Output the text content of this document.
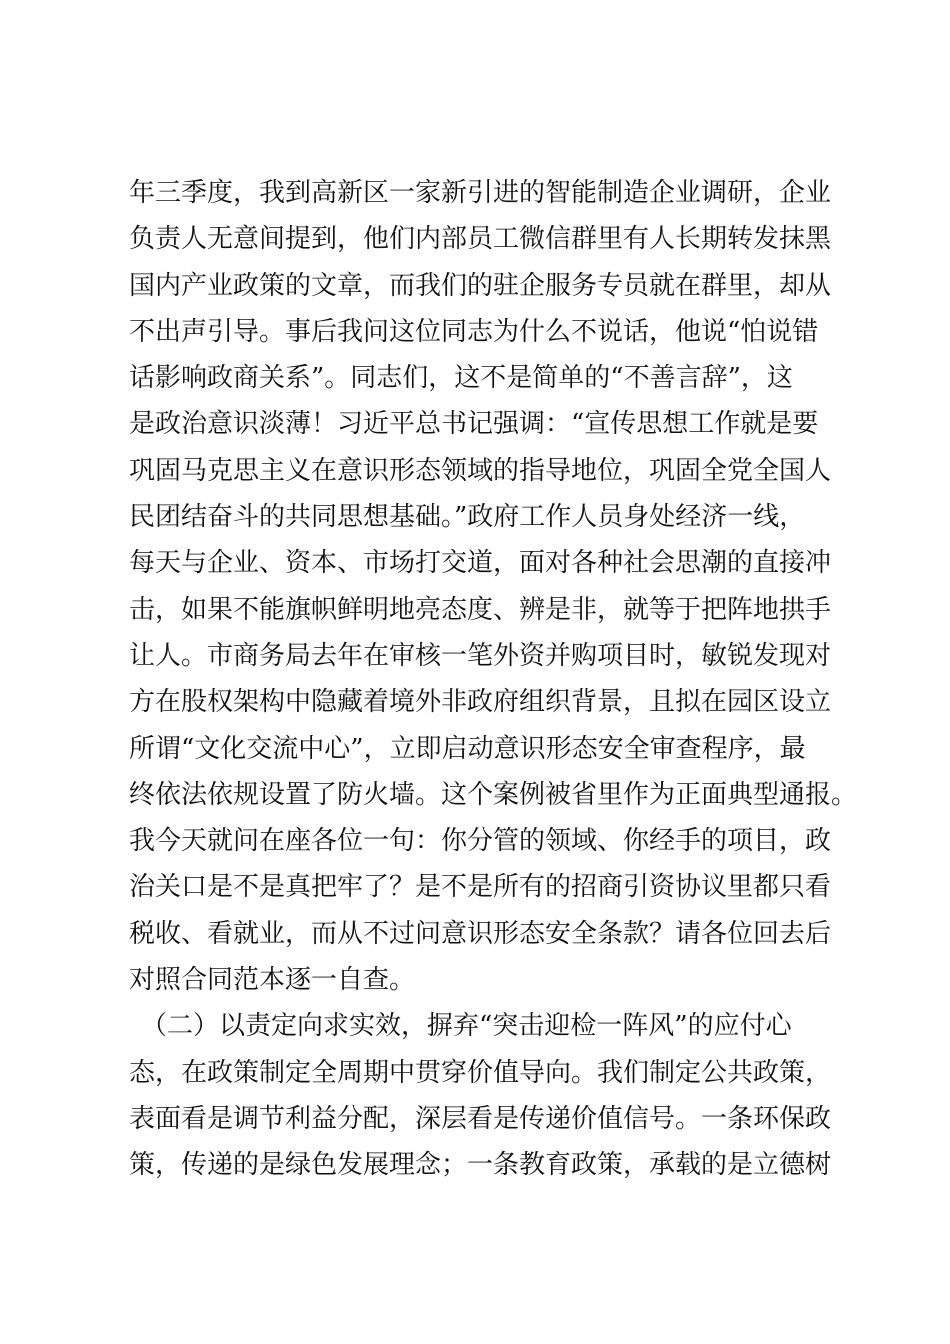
年三季度，我到高新区一家新引进的智能制造企业调研，企业
负责人无意间提到，他们内部员工微信群里有人长期转发抹黑
国内产业政策的文章，而我们的驻企服务专员就在群里，却从
不出声引导。事后我问这位同志为什么不说话，他说“怕说错
话影响政商关系”。同志们，这不是简单的“不善言辞”，这
是政治意识淡薄！习近平总书记强调：“宣传思想工作就是要
巩固马克思主义在意识形态领域的指导地位，巩固全党全国人
民团结奋斗的共同思想基础。”政府工作人员身处经济一线，
每天与企业、资本、市场打交道，面对各种社会思潮的直接冲
击，如果不能旗帜鲜明地亮态度、辨是非，就等于把阵地拱手
让人。市商务局去年在审核一笔外资并购项目时，敏锐发现对
方在股权架构中隐藏着境外非政府组织背景，且拟在园区设立
所谓“文化交流中心”，立即启动意识形态安全审查程序，最
终依法依规设置了防火墙。这个案例被省里作为正面典型通报。
我今天就问在座各位一句：你分管的领域、你经手的项目，政
治关口是不是真把牢了？是不是所有的招商引资协议里都只看
税收、看就业，而从不过问意识形态安全条款？请各位回去后
对照合同范本逐一自查。
（二）以责定向求实效，摒弃“突击迎检一阵风”的应付心
态，在政策制定全周期中贯穿价值导向。我们制定公共政策，
表面看是调节利益分配，深层看是传递价值信号。一条环保政
策，传递的是绿色发展理念；一条教育政策，承载的是立德树
